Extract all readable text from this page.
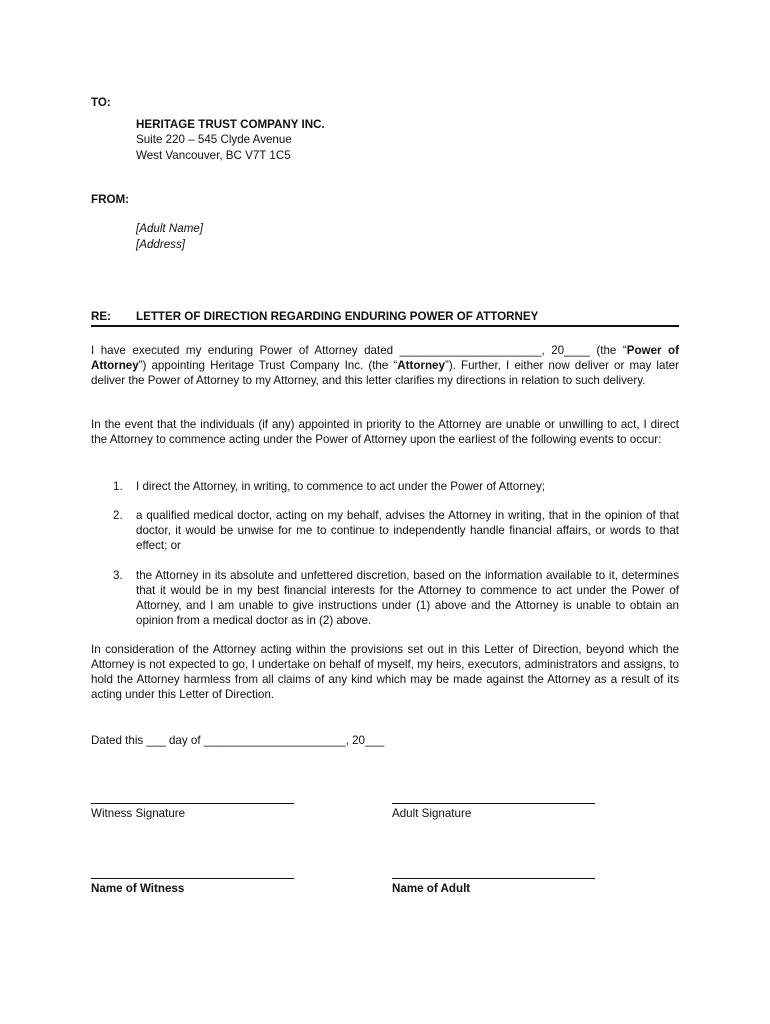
TO:
HERITAGE TRUST COMPANY INC.
Suite 220 – 545 Clyde Avenue
West Vancouver, BC V7T 1C5
FROM:
[Adult Name]
[Address]
RE: LETTER OF DIRECTION REGARDING ENDURING POWER OF ATTORNEY
I have executed my enduring Power of Attorney dated ______________________, 20____ (the “Power of Attorney”) appointing Heritage Trust Company Inc. (the “Attorney”). Further, I either now deliver or may later deliver the Power of Attorney to my Attorney, and this letter clarifies my directions in relation to such delivery.
In the event that the individuals (if any) appointed in priority to the Attorney are unable or unwilling to act, I direct the Attorney to commence acting under the Power of Attorney upon the earliest of the following events to occur:
1. I direct the Attorney, in writing, to commence to act under the Power of Attorney;
2. a qualified medical doctor, acting on my behalf, advises the Attorney in writing, that in the opinion of that doctor, it would be unwise for me to continue to independently handle financial affairs, or words to that effect; or
3. the Attorney in its absolute and unfettered discretion, based on the information available to it, determines that it would be in my best financial interests for the Attorney to commence to act under the Power of Attorney, and I am unable to give instructions under (1) above and the Attorney is unable to obtain an opinion from a medical doctor as in (2) above.
In consideration of the Attorney acting within the provisions set out in this Letter of Direction, beyond which the Attorney is not expected to go, I undertake on behalf of myself, my heirs, executors, administrators and assigns, to hold the Attorney harmless from all claims of any kind which may be made against the Attorney as a result of its acting under this Letter of Direction.
Dated this ___ day of ______________________, 20___
Witness Signature	Adult Signature
Name of Witness	Name of Adult
